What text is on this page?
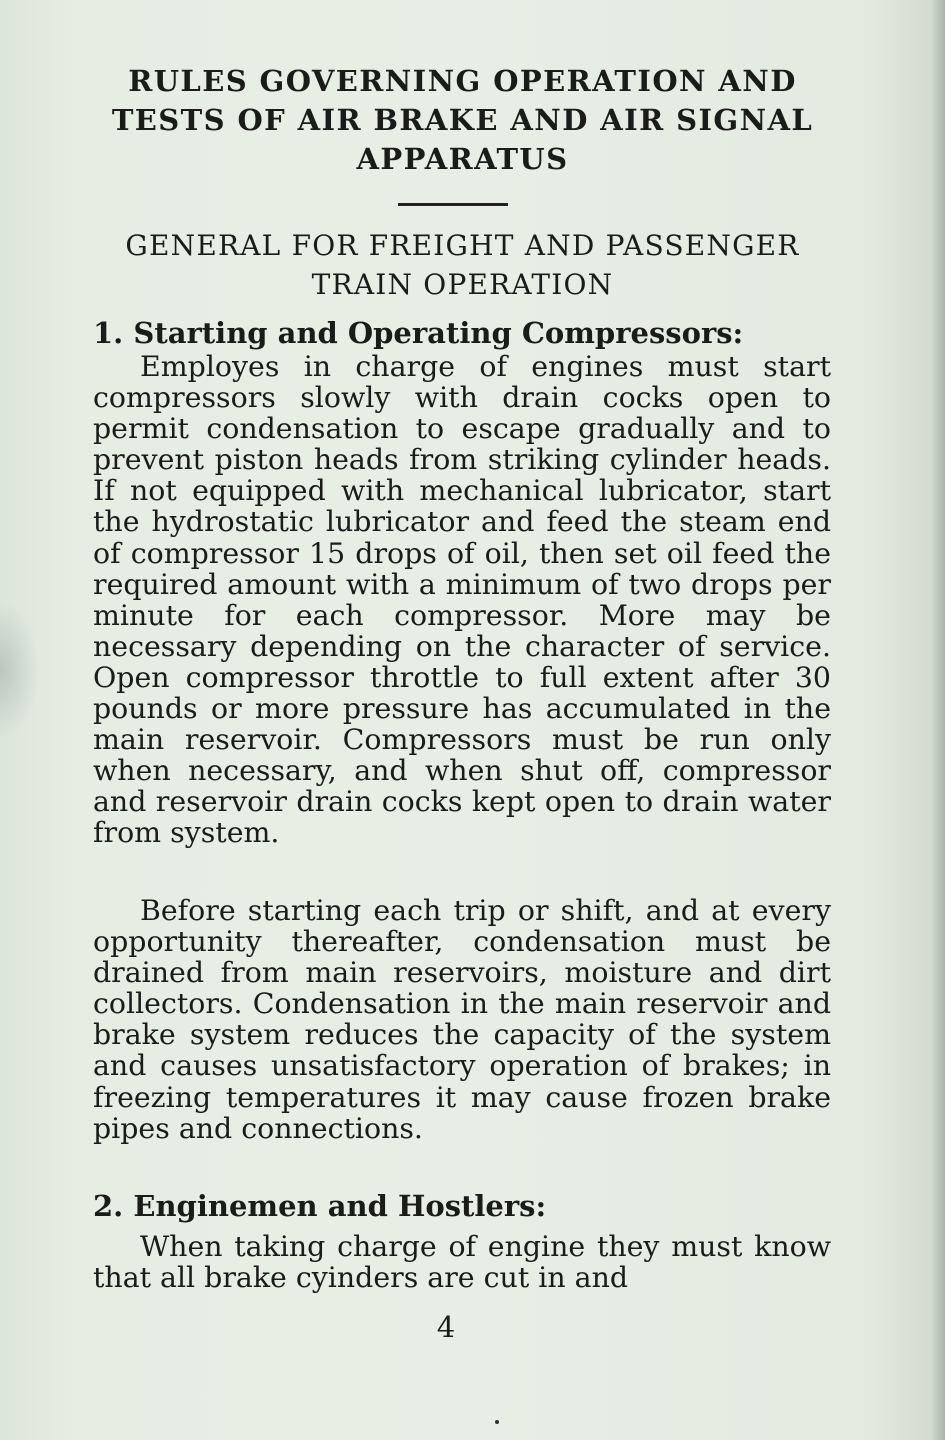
RULES GOVERNING OPERATION AND TESTS OF AIR BRAKE AND AIR SIGNAL APPARATUS
GENERAL FOR FREIGHT AND PASSENGER TRAIN OPERATION
1. Starting and Operating Compressors:

Employes in charge of engines must start compressors slowly with drain cocks open to permit condensation to escape gradually and to prevent piston heads from striking cylinder heads. If not equipped with mechanical lubricator, start the hydrostatic lubricator and feed the steam end of compressor 15 drops of oil, then set oil feed the required amount with a minimum of two drops per minute for each compressor. More may be necessary depending on the character of service. Open compressor throttle to full extent after 30 pounds or more pressure has accumulated in the main reservoir. Compressors must be run only when necessary, and when shut off, compressor and reservoir drain cocks kept open to drain water from system.

Before starting each trip or shift, and at every opportunity thereafter, condensation must be drained from main reservoirs, moisture and dirt collectors. Condensation in the main reservoir and brake system reduces the capacity of the system and causes unsatisfactory operation of brakes; in freezing temperatures it may cause frozen brake pipes and connections.

2. Enginemen and Hostlers:

When taking charge of engine they must know that all brake cyinders are cut in and

4
